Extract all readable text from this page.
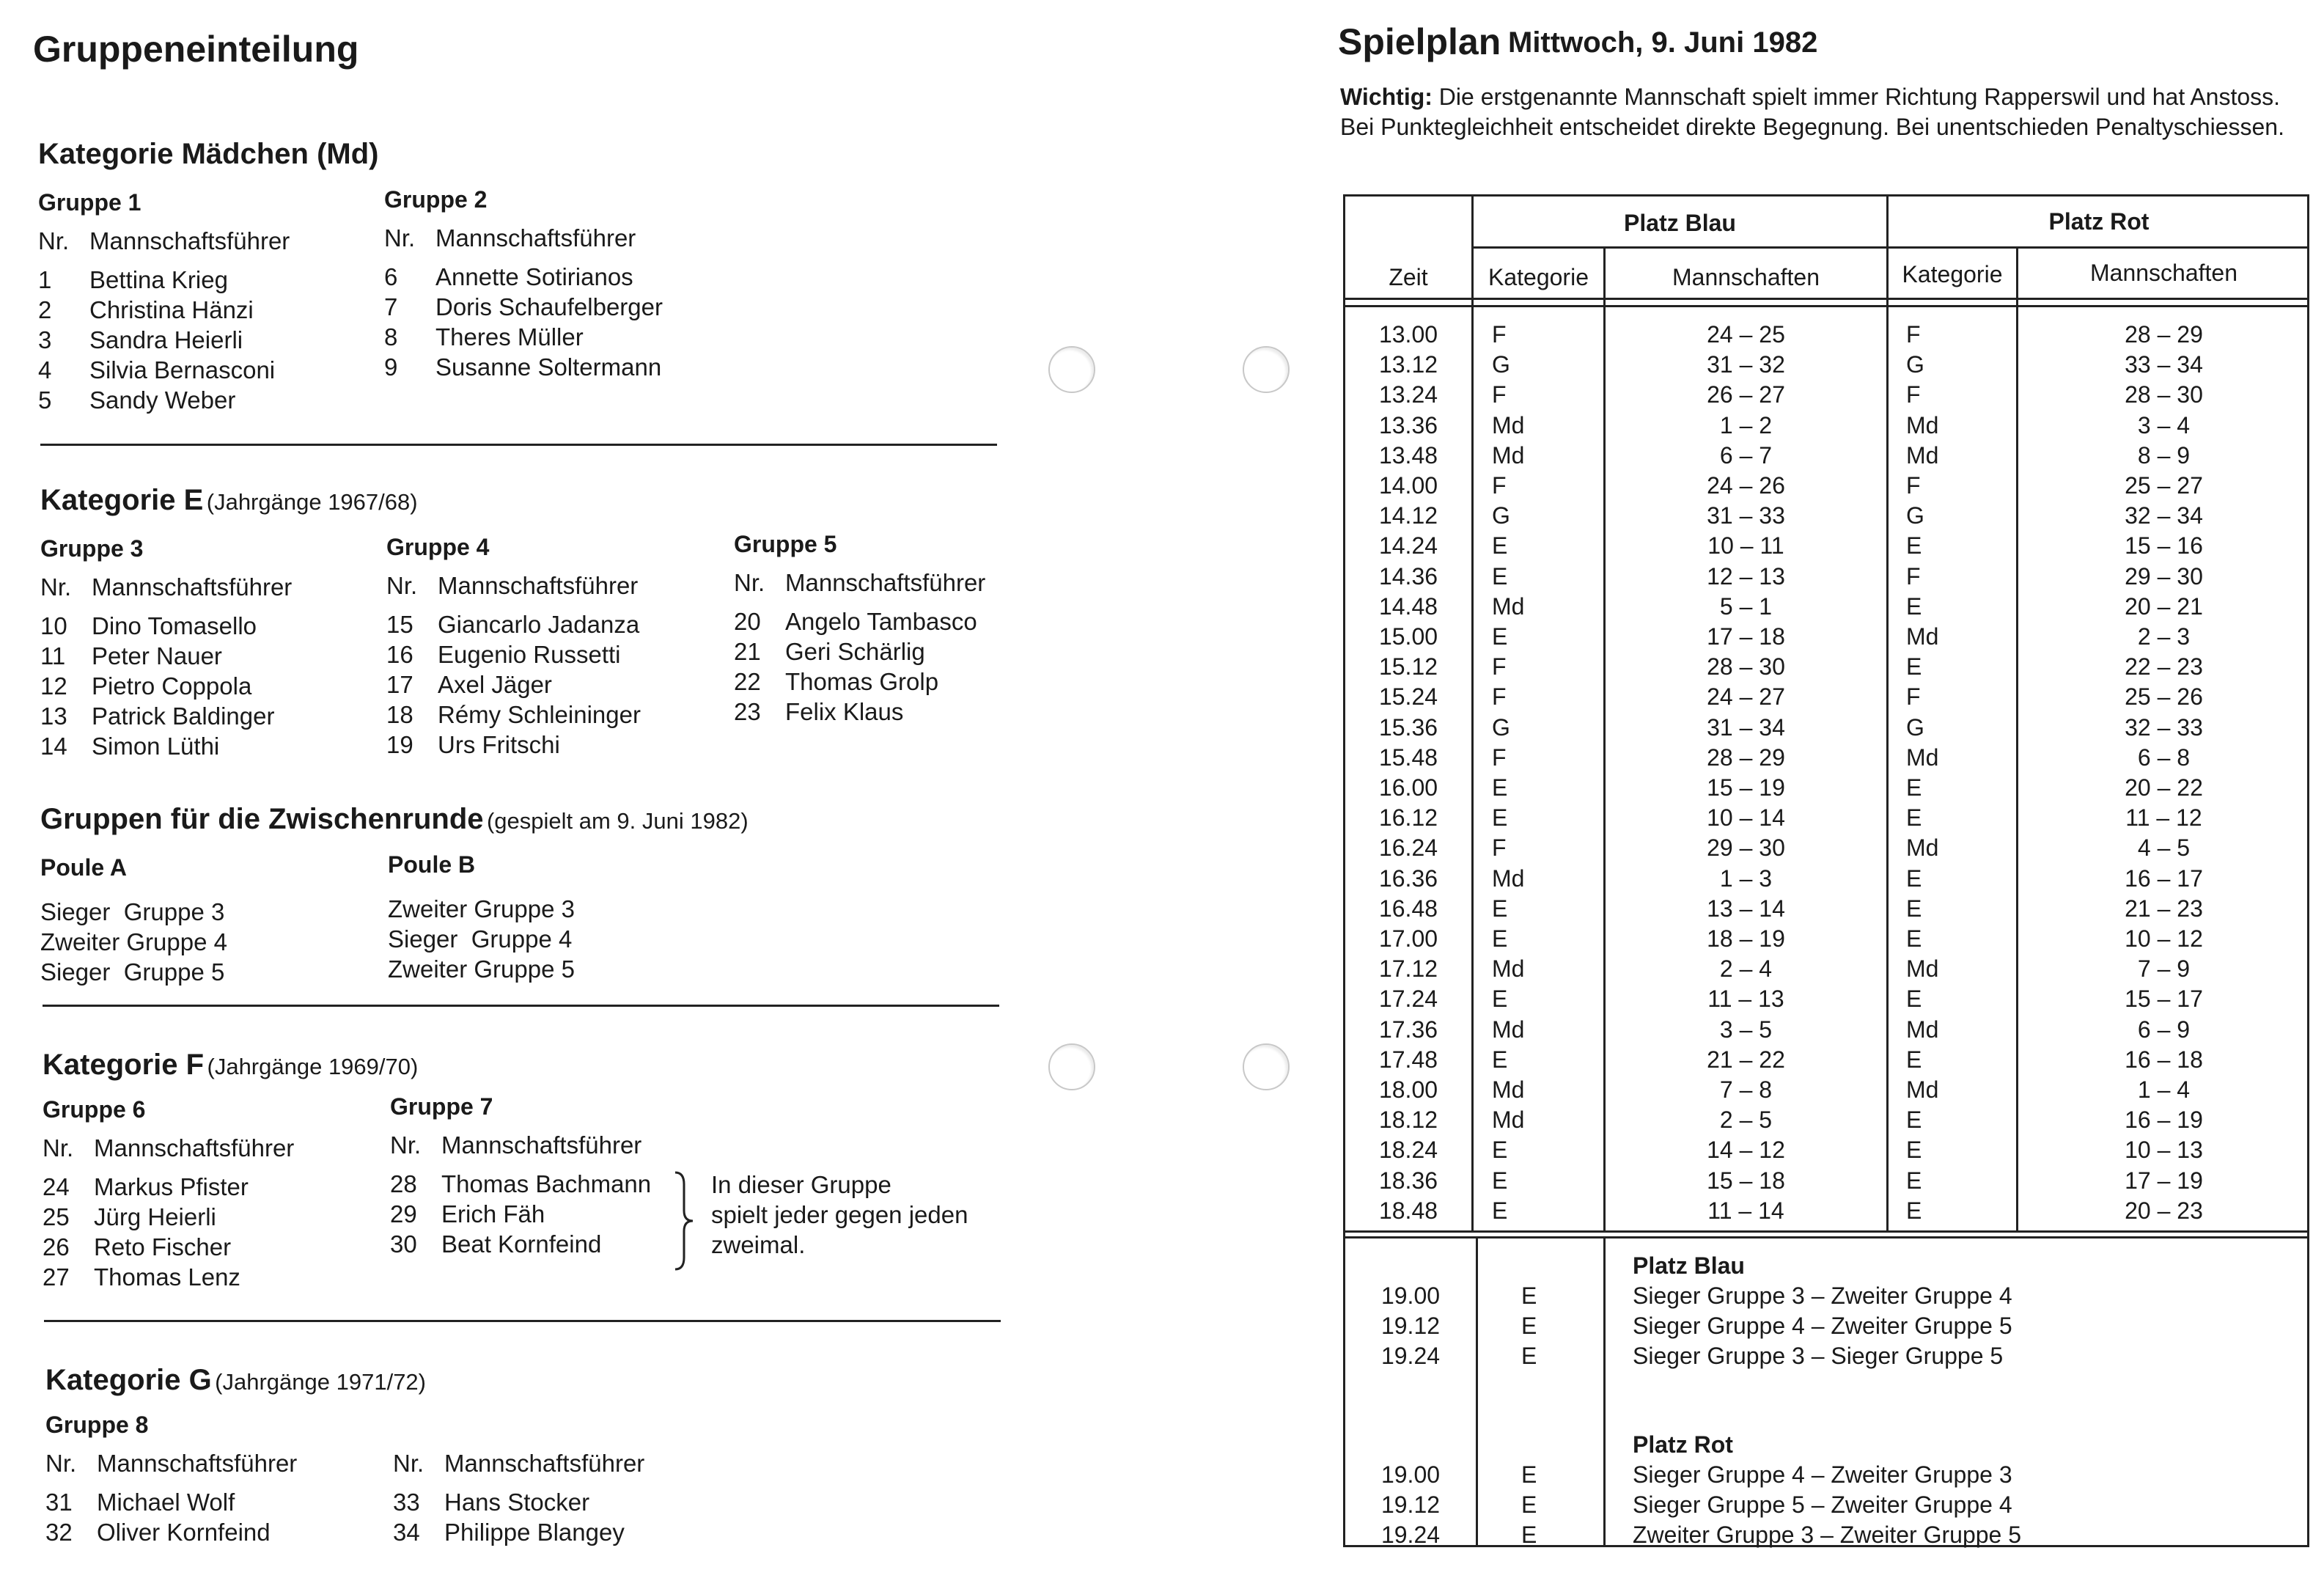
Gruppeneinteilung
Kategorie Mädchen (Md)
Gruppe 1
Nr. Mannschaftsführer
1 Bettina Krieg
2 Christina Hänzi
3 Sandra Heierli
4 Silvia Bernasconi
5 Sandy Weber
Gruppe 2
Nr. Mannschaftsführer
6 Annette Sotirianos
7 Doris Schaufelberger
8 Theres Müller
9 Susanne Soltermann
Kategorie E (Jahrgänge 1967/68)
Gruppe 3
Nr. Mannschaftsführer
10 Dino Tomasello
11 Peter Nauer
12 Pietro Coppola
13 Patrick Baldinger
14 Simon Lüthi
Gruppe 4
Nr. Mannschaftsführer
15 Giancarlo Jadanza
16 Eugenio Russetti
17 Axel Jäger
18 Rémy Schleininger
19 Urs Fritschi
Gruppe 5
Nr. Mannschaftsführer
20 Angelo Tambasco
21 Geri Schärlig
22 Thomas Grolp
23 Felix Klaus
Gruppen für die Zwischenrunde (gespielt am 9. Juni 1982)
Poule A
Sieger  Gruppe 3
Zweiter Gruppe 4
Sieger  Gruppe 5
Poule B
Zweiter Gruppe 3
Sieger  Gruppe 4
Zweiter Gruppe 5
Kategorie F (Jahrgänge 1969/70)
Gruppe 6
Nr. Mannschaftsführer
24 Markus Pfister
25 Jürg Heierli
26 Reto Fischer
27 Thomas Lenz
Gruppe 7
Nr. Mannschaftsführer
28 Thomas Bachmann
29 Erich Fäh
30 Beat Kornfeind
In dieser Gruppe
spielt jeder gegen jeden
zweimal.
Kategorie G (Jahrgänge 1971/72)
Gruppe 8
Nr. Mannschaftsführer
31 Michael Wolf
32 Oliver Kornfeind
Nr. Mannschaftsführer
33 Hans Stocker
34 Philippe Blangey
Spielplan Mittwoch, 9. Juni 1982
Wichtig: Die erstgenannte Mannschaft spielt immer Richtung Rapperswil und hat Anstoss.
Bei Punktegleichheit entscheidet direkte Begegnung. Bei unentschieden Penaltyschiessen.
Platz Blau	Platz Rot
Zeit	Kategorie	Mannschaften	Kategorie	Mannschaften
13.00	F	24 – 25	F	28 – 29
13.12	G	31 – 32	G	33 – 34
13.24	F	26 – 27	F	28 – 30
13.36	Md	1 – 2	Md	3 – 4
13.48	Md	6 – 7	Md	8 – 9
14.00	F	24 – 26	F	25 – 27
14.12	G	31 – 33	G	32 – 34
14.24	E	10 – 11	E	15 – 16
14.36	E	12 – 13	F	29 – 30
14.48	Md	5 – 1	E	20 – 21
15.00	E	17 – 18	Md	2 – 3
15.12	F	28 – 30	E	22 – 23
15.24	F	24 – 27	F	25 – 26
15.36	G	31 – 34	G	32 – 33
15.48	F	28 – 29	Md	6 – 8
16.00	E	15 – 19	E	20 – 22
16.12	E	10 – 14	E	11 – 12
16.24	F	29 – 30	Md	4 – 5
16.36	Md	1 – 3	E	16 – 17
16.48	E	13 – 14	E	21 – 23
17.00	E	18 – 19	E	10 – 12
17.12	Md	2 – 4	Md	7 – 9
17.24	E	11 – 13	E	15 – 17
17.36	Md	3 – 5	Md	6 – 9
17.48	E	21 – 22	E	16 – 18
18.00	Md	7 – 8	Md	1 – 4
18.12	Md	2 – 5	E	16 – 19
18.24	E	14 – 12	E	10 – 13
18.36	E	15 – 18	E	17 – 19
18.48	E	11 – 14	E	20 – 23
Platz Blau
19.00	E	Sieger Gruppe 3 – Zweiter Gruppe 4
19.12	E	Sieger Gruppe 4 – Zweiter Gruppe 5
19.24	E	Sieger Gruppe 3 – Sieger Gruppe 5
Platz Rot
19.00	E	Sieger Gruppe 4 – Zweiter Gruppe 3
19.12	E	Sieger Gruppe 5 – Zweiter Gruppe 4
19.24	E	Zweiter Gruppe 3 – Zweiter Gruppe 5
